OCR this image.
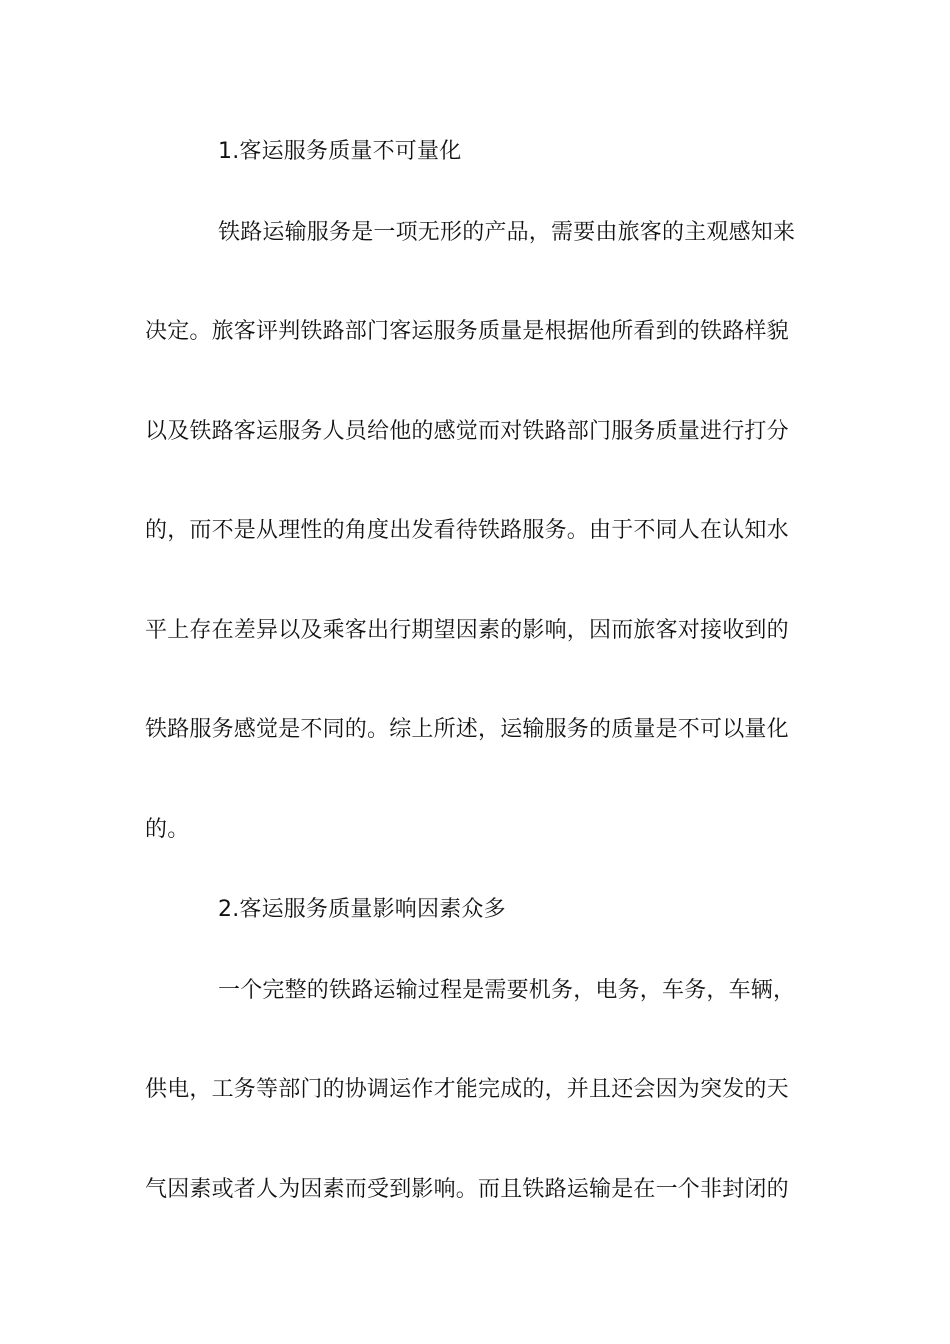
1.客运服务质量不可量化
铁路运输服务是一项无形的产品，需要由旅客的主观感知来
决定。旅客评判铁路部门客运服务质量是根据他所看到的铁路样貌
以及铁路客运服务人员给他的感觉而对铁路部门服务质量进行打分
的，而不是从理性的角度出发看待铁路服务。由于不同人在认知水
平上存在差异以及乘客出行期望因素的影响，因而旅客对接收到的
铁路服务感觉是不同的。综上所述，运输服务的质量是不可以量化
的。
2.客运服务质量影响因素众多
一个完整的铁路运输过程是需要机务，电务，车务，车辆，
供电，工务等部门的协调运作才能完成的，并且还会因为突发的天
气因素或者人为因素而受到影响。而且铁路运输是在一个非封闭的
